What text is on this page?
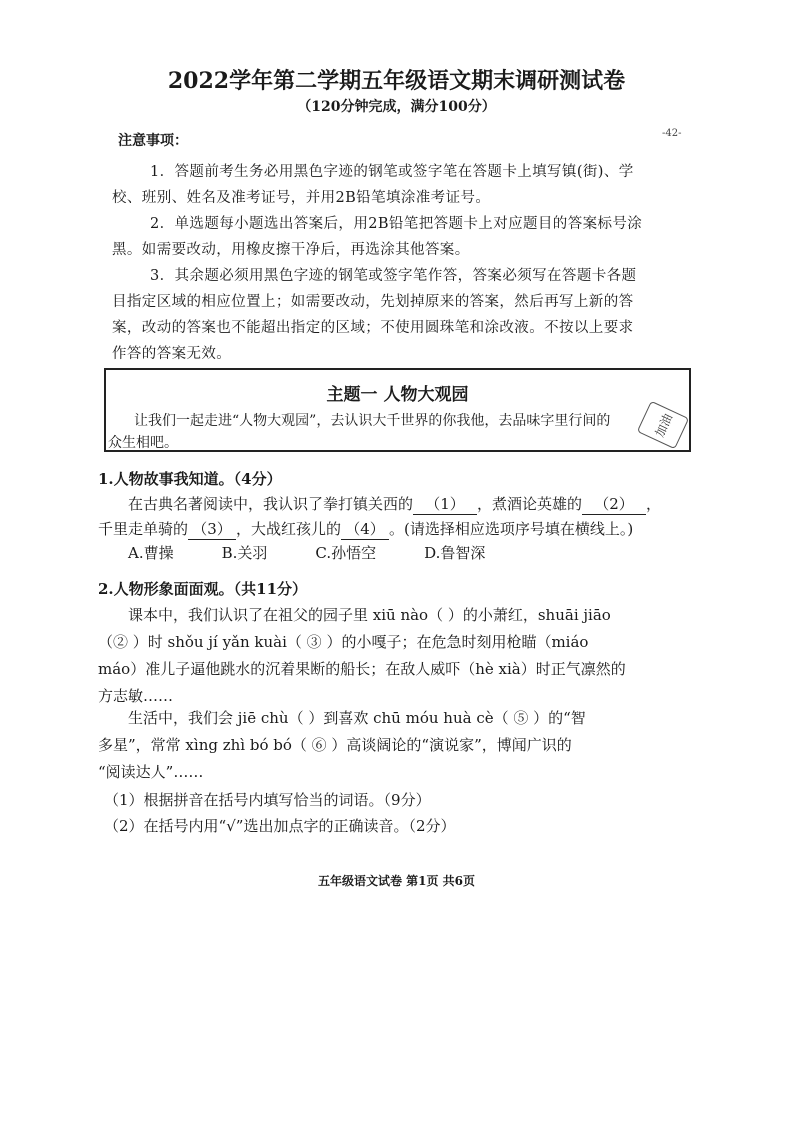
2022学年第二学期五年级语文期末调研测试卷
（120分钟完成，满分100分）
-42-
注意事项：
1．答题前考生务必用黑色字迹的钢笔或签字笔在答题卡上填写镇(街)、学
校、班别、姓名及准考证号，并用2B铅笔填涂准考证号。
2．单选题每小题选出答案后，用2B铅笔把答题卡上对应题目的答案标号涂
黑。如需要改动，用橡皮擦干净后，再选涂其他答案。
3．其余题必须用黑色字迹的钢笔或签字笔作答，答案必须写在答题卡各题
目指定区域的相应位置上；如需要改动，先划掉原来的答案，然后再写上新的答
案，改动的答案也不能超出指定的区域；不使用圆珠笔和涂改液。不按以上要求
作答的答案无效。
主题一 人物大观园
让我们一起走进“人物大观园”，去认识大千世界的你我他，去品味字里行间的
众生相吧。
加油
1.人物故事我知道。（4分）
在古典名著阅读中，我认识了拳打镇关西的 （1） ，煮酒论英雄的 （2） ，
千里走单骑的 （3） ，大战红孩儿的 （4） 。(请选择相应选项序号填在横线上。)
A.曹操	B.关羽	C.孙悟空	D.鲁智深
2.人物形象面面观。（共11分）
课本中，我们认识了在祖父的园子里 xiū nào（ ）的小萧红，shuāi jiāo
（② ）时 shǒu jí yǎn kuài（ ③ ）的小嘎子；在危急时刻用枪瞄（miáo
máo）准儿子逼他跳水的沉着果断的船长；在敌人威吓（hè xià）时正气凛然的
方志敏……
生活中，我们会 jiē chù（ ）到喜欢 chū móu huà cè（ ⑤ ）的“智
多星”，常常 xìng zhì bó bó（ ⑥ ）高谈阔论的“演说家”，博闻广识的
“阅读达人”……
（1）根据拼音在括号内填写恰当的词语。（9分）
（2）在括号内用“√”选出加点字的正确读音。（2分）
五年级语文试卷 第1页 共6页
